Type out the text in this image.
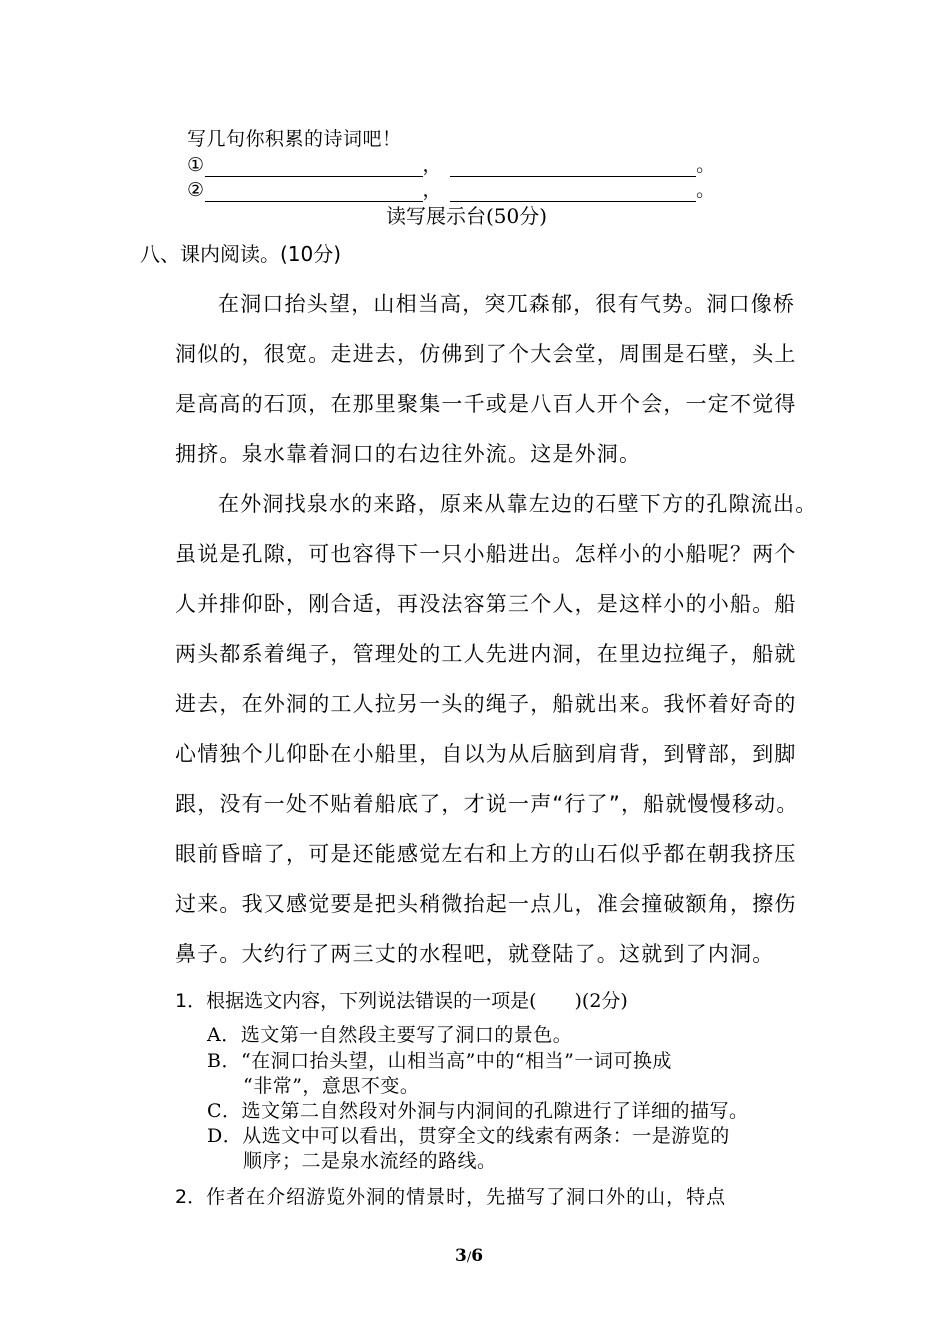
写几句你积累的诗词吧！
①	，	。
②	，	。
读写展示台(50分)
八、课内阅读。(10分)
在洞口抬头望，山相当高，突兀森郁，很有气势。洞口像桥
洞似的，很宽。走进去，仿佛到了个大会堂，周围是石壁，头上
是高高的石顶，在那里聚集一千或是八百人开个会，一定不觉得
拥挤。泉水靠着洞口的右边往外流。这是外洞。
在外洞找泉水的来路，原来从靠左边的石壁下方的孔隙流出。
虽说是孔隙，可也容得下一只小船进出。怎样小的小船呢？两个
人并排仰卧，刚合适，再没法容第三个人，是这样小的小船。船
两头都系着绳子，管理处的工人先进内洞，在里边拉绳子，船就
进去，在外洞的工人拉另一头的绳子，船就出来。我怀着好奇的
心情独个儿仰卧在小船里，自以为从后脑到肩背，到臂部，到脚
跟，没有一处不贴着船底了，才说一声“行了”，船就慢慢移动。
眼前昏暗了，可是还能感觉左右和上方的山石似乎都在朝我挤压
过来。我又感觉要是把头稍微抬起一点儿，准会撞破额角，擦伤
鼻子。大约行了两三丈的水程吧，就登陆了。这就到了内洞。
1．根据选文内容，下列说法错误的一项是(　　)(2分)
A．选文第一自然段主要写了洞口的景色。
B．“在洞口抬头望，山相当高”中的“相当”一词可换成
“非常”，意思不变。
C．选文第二自然段对外洞与内洞间的孔隙进行了详细的描写。
D．从选文中可以看出，贯穿全文的线索有两条：一是游览的
顺序；二是泉水流经的路线。
2．作者在介绍游览外洞的情景时，先描写了洞口外的山，特点
3/6
